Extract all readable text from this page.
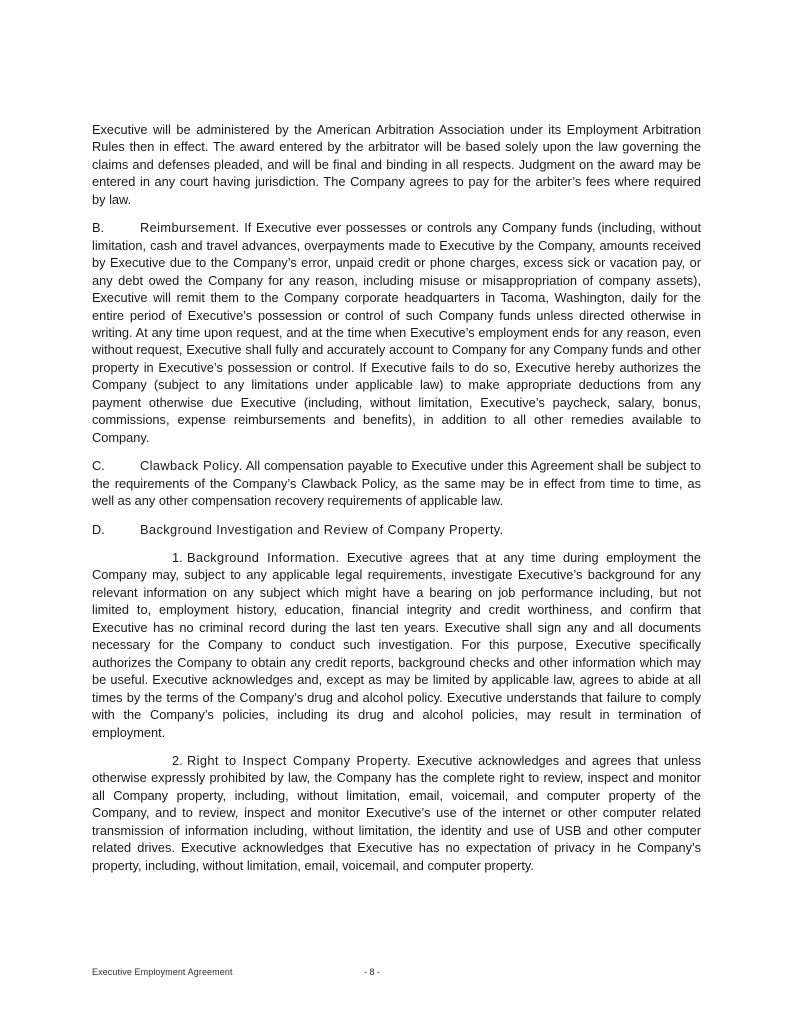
Executive will be administered by the American Arbitration Association under its Employment Arbitration Rules then in effect. The award entered by the arbitrator will be based solely upon the law governing the claims and defenses pleaded, and will be final and binding in all respects. Judgment on the award may be entered in any court having jurisdiction. The Company agrees to pay for the arbiter’s fees where required by law.

B.	Reimbursement. If Executive ever possesses or controls any Company funds (including, without limitation, cash and travel advances, overpayments made to Executive by the Company, amounts received by Executive due to the Company’s error, unpaid credit or phone charges, excess sick or vacation pay, or any debt owed the Company for any reason, including misuse or misappropriation of company assets), Executive will remit them to the Company corporate headquarters in Tacoma, Washington, daily for the entire period of Executive’s possession or control of such Company funds unless directed otherwise in writing. At any time upon request, and at the time when Executive’s employment ends for any reason, even without request, Executive shall fully and accurately account to Company for any Company funds and other property in Executive’s possession or control. If Executive fails to do so, Executive hereby authorizes the Company (subject to any limitations under applicable law) to make appropriate deductions from any payment otherwise due Executive (including, without limitation, Executive’s paycheck, salary, bonus, commissions, expense reimbursements and benefits), in addition to all other remedies available to Company.

C.	Clawback Policy. All compensation payable to Executive under this Agreement shall be subject to the requirements of the Company’s Clawback Policy, as the same may be in effect from time to time, as well as any other compensation recovery requirements of applicable law.

D.	Background Investigation and Review of Company Property.

1. Background Information. Executive agrees that at any time during employment the Company may, subject to any applicable legal requirements, investigate Executive’s background for any relevant information on any subject which might have a bearing on job performance including, but not limited to, employment history, education, financial integrity and credit worthiness, and confirm that Executive has no criminal record during the last ten years. Executive shall sign any and all documents necessary for the Company to conduct such investigation. For this purpose, Executive specifically authorizes the Company to obtain any credit reports, background checks and other information which may be useful. Executive acknowledges and, except as may be limited by applicable law, agrees to abide at all times by the terms of the Company’s drug and alcohol policy. Executive understands that failure to comply with the Company’s policies, including its drug and alcohol policies, may result in termination of employment.

2. Right to Inspect Company Property. Executive acknowledges and agrees that unless otherwise expressly prohibited by law, the Company has the complete right to review, inspect and monitor all Company property, including, without limitation, email, voicemail, and computer property of the Company, and to review, inspect and monitor Executive’s use of the internet or other computer related transmission of information including, without limitation, the identity and use of USB and other computer related drives. Executive acknowledges that Executive has no expectation of privacy in he Company’s property, including, without limitation, email, voicemail, and computer property.

Executive Employment Agreement	- 8 -
